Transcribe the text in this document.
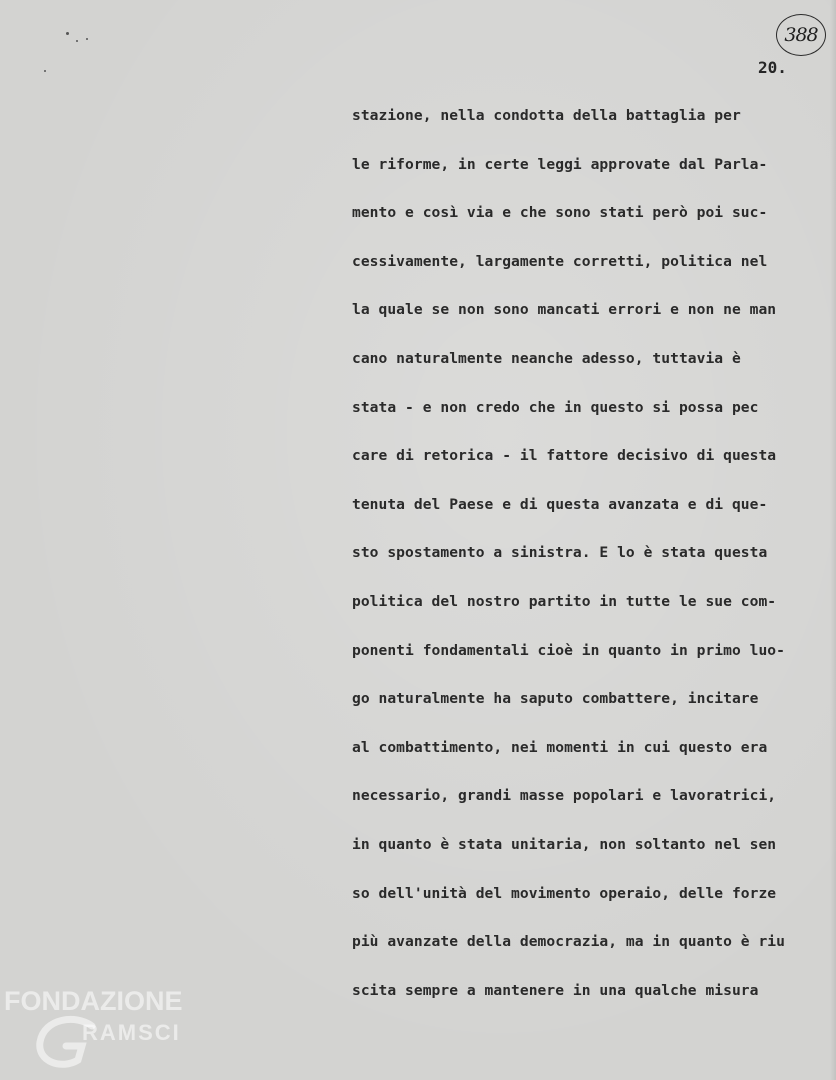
388
20.
stazione, nella condotta della battaglia per
le riforme, in certe leggi approvate dal Parla-
mento e così via e che sono stati però poi suc-
cessivamente, largamente corretti, politica nel
la quale se non sono mancati errori e non ne man
cano naturalmente neanche adesso, tuttavia è
stata - e non credo che in questo si possa pec
care di retorica - il fattore decisivo di questa
tenuta del Paese e di questa avanzata e di que-
sto spostamento a sinistra. E lo è stata questa
politica del nostro partito in tutte le sue com-
ponenti fondamentali cioè in quanto in primo luo-
go naturalmente ha saputo combattere, incitare
al combattimento, nei momenti in cui questo era
necessario, grandi masse popolari e lavoratrici,
in quanto è stata unitaria, non soltanto nel sen
so dell'unità del movimento operaio, delle forze
più avanzate della democrazia, ma in quanto è riu
scita sempre a mantenere in una qualche misura
FONDAZIONE
RAMSCI
